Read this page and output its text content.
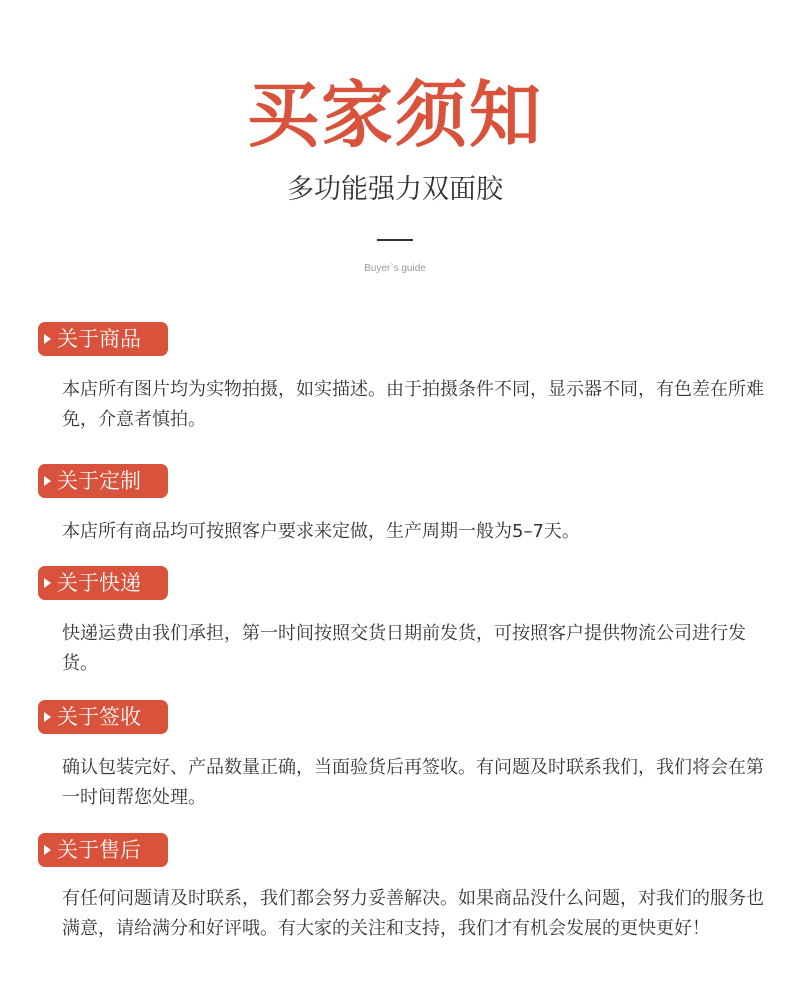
买家须知
多功能强力双面胶
Buyer`s guide
关于商品
本店所有图片均为实物拍摄，如实描述。由于拍摄条件不同，显示器不同，有色差在所难免，介意者慎拍。
关于定制
本店所有商品均可按照客户要求来定做，生产周期一般为5–7天。
关于快递
快递运费由我们承担，第一时间按照交货日期前发货，可按照客户提供物流公司进行发货。
关于签收
确认包装完好、产品数量正确，当面验货后再签收。有问题及时联系我们，我们将会在第一时间帮您处理。
关于售后
有任何问题请及时联系，我们都会努力妥善解决。如果商品没什么问题，对我们的服务也满意，请给满分和好评哦。有大家的关注和支持，我们才有机会发展的更快更好！
